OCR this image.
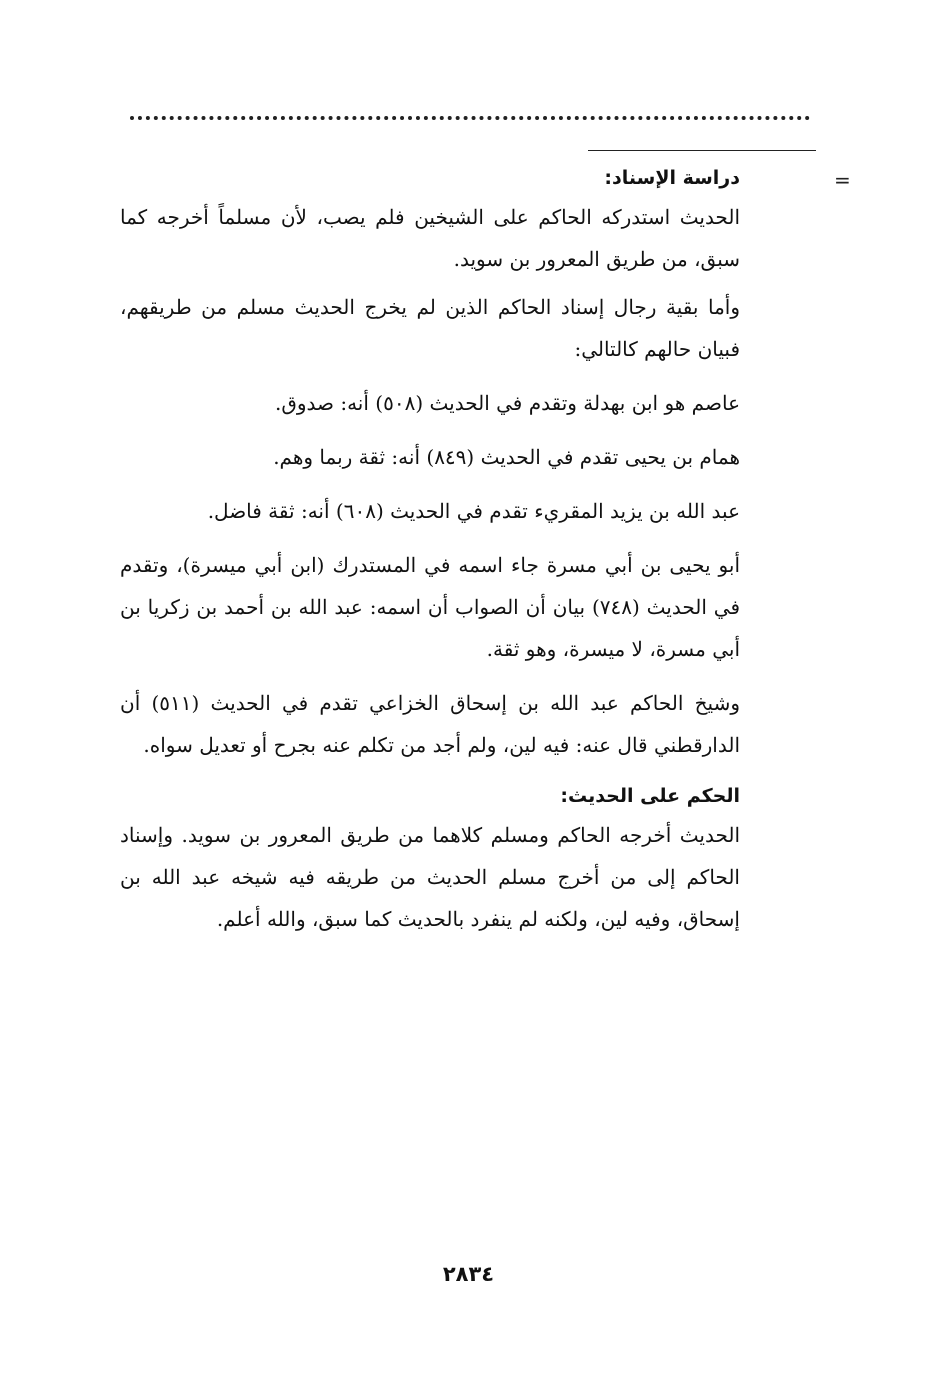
=

دراسة الإسناد:

الحديث استدركه الحاكم على الشيخين فلم يصب، لأن مسلماً أخرجه كما سبق، من طريق المعرور بن سويد.

وأما بقية رجال إسناد الحاكم الذين لم يخرج الحديث مسلم من طريقهم، فبيان حالهم كالتالي:

عاصم هو ابن بهدلة وتقدم في الحديث (٥٠٨) أنه: صدوق.

همام بن يحيى تقدم في الحديث (٨٤٩) أنه: ثقة ربما وهم.

عبد الله بن يزيد المقريء تقدم في الحديث (٦٠٨) أنه: ثقة فاضل.

أبو يحيى بن أبي مسرة جاء اسمه في المستدرك (ابن أبي ميسرة)، وتقدم في الحديث (٧٤٨) بيان أن الصواب أن اسمه: عبد الله بن أحمد بن زكريا بن أبي مسرة، لا ميسرة، وهو ثقة.

وشيخ الحاكم عبد الله بن إسحاق الخزاعي تقدم في الحديث (٥١١) أن الدارقطني قال عنه: فيه لين، ولم أجد من تكلم عنه بجرح أو تعديل سواه.

الحكم على الحديث:

الحديث أخرجه الحاكم ومسلم كلاهما من طريق المعرور بن سويد. وإسناد الحاكم إلى من أخرج مسلم الحديث من طريقه فيه شيخه عبد الله بن إسحاق، وفيه لين، ولكنه لم ينفرد بالحديث كما سبق، والله أعلم.

٢٨٣٤
